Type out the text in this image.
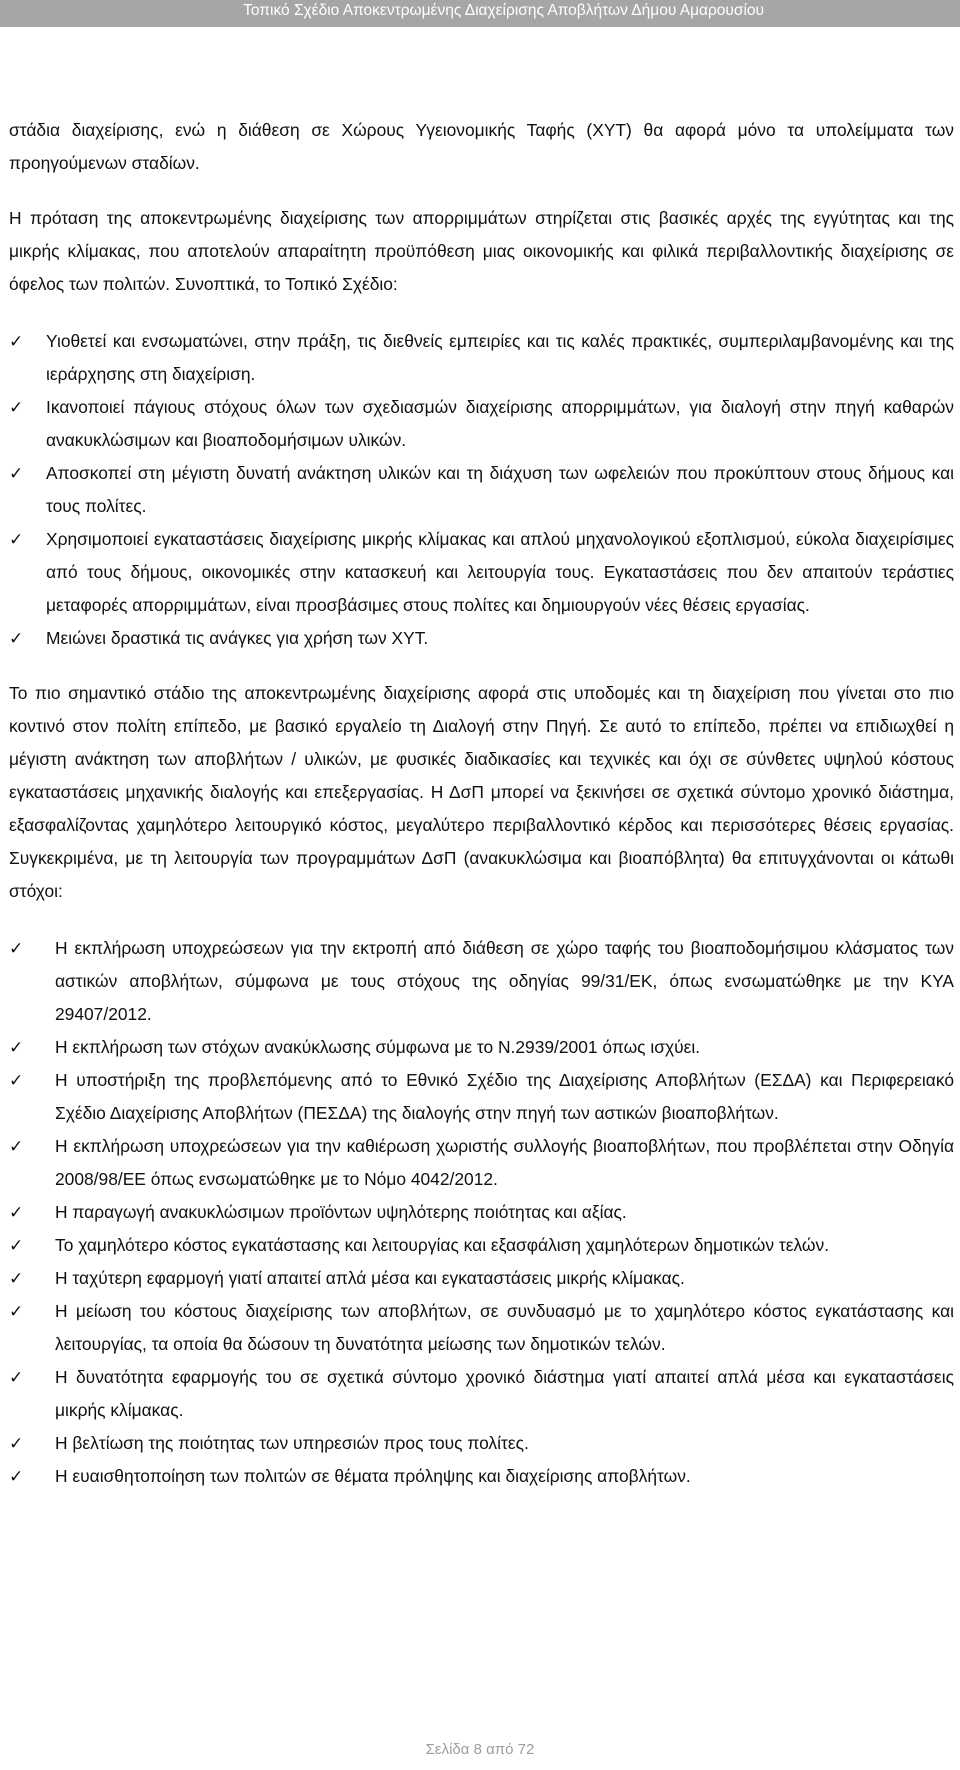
Τοπικό Σχέδιο Αποκεντρωμένης Διαχείρισης Αποβλήτων Δήμου Αμαρουσίου

στάδια διαχείρισης, ενώ η διάθεση σε Χώρους Υγειονομικής Ταφής (ΧΥΤ) θα αφορά μόνο τα υπολείμματα των προηγούμενων σταδίων.

Η πρόταση της αποκεντρωμένης διαχείρισης των απορριμμάτων στηρίζεται στις βασικές αρχές της εγγύτητας και της μικρής κλίμακας, που αποτελούν απαραίτητη προϋπόθεση μιας οικονομικής και φιλικά περιβαλλοντικής διαχείρισης σε όφελος των πολιτών. Συνοπτικά, το Τοπικό Σχέδιο:

✓ Υιοθετεί και ενσωματώνει, στην πράξη, τις διεθνείς εμπειρίες και τις καλές πρακτικές, συμπεριλαμβανομένης και της ιεράρχησης στη διαχείριση.

✓ Ικανοποιεί πάγιους στόχους όλων των σχεδιασμών διαχείρισης απορριμμάτων, για διαλογή στην πηγή καθαρών ανακυκλώσιμων και βιοαποδομήσιμων υλικών.

✓ Αποσκοπεί στη μέγιστη δυνατή ανάκτηση υλικών και τη διάχυση των ωφελειών που προκύπτουν στους δήμους και τους πολίτες.

✓ Χρησιμοποιεί εγκαταστάσεις διαχείρισης μικρής κλίμακας και απλού μηχανολογικού εξοπλισμού, εύκολα διαχειρίσιμες από τους δήμους, οικονομικές στην κατασκευή και λειτουργία τους. Εγκαταστάσεις που δεν απαιτούν τεράστιες μεταφορές απορριμμάτων, είναι προσβάσιμες στους πολίτες και δημιουργούν νέες θέσεις εργασίας.

✓ Μειώνει δραστικά τις ανάγκες για χρήση των ΧΥΤ.

Το πιο σημαντικό στάδιο της αποκεντρωμένης διαχείρισης αφορά στις υποδομές και τη διαχείριση που γίνεται στο πιο κοντινό στον πολίτη επίπεδο, με βασικό εργαλείο τη Διαλογή στην Πηγή. Σε αυτό το επίπεδο, πρέπει να επιδιωχθεί η μέγιστη ανάκτηση των αποβλήτων / υλικών, με φυσικές διαδικασίες και τεχνικές και όχι σε σύνθετες υψηλού κόστους εγκαταστάσεις μηχανικής διαλογής και επεξεργασίας. Η ΔσΠ μπορεί να ξεκινήσει σε σχετικά σύντομο χρονικό διάστημα, εξασφαλίζοντας χαμηλότερο λειτουργικό κόστος, μεγαλύτερο περιβαλλοντικό κέρδος και περισσότερες θέσεις εργασίας. Συγκεκριμένα, με τη λειτουργία των προγραμμάτων ΔσΠ (ανακυκλώσιμα και βιοαπόβλητα) θα επιτυγχάνονται οι κάτωθι στόχοι:

✓ Η εκπλήρωση υποχρεώσεων για την εκτροπή από διάθεση σε χώρο ταφής του βιοαποδομήσιμου κλάσματος των αστικών αποβλήτων, σύμφωνα με τους στόχους της οδηγίας 99/31/ΕΚ, όπως ενσωματώθηκε με την ΚΥΑ 29407/2012.

✓ Η εκπλήρωση των στόχων ανακύκλωσης σύμφωνα με το Ν.2939/2001 όπως ισχύει.

✓ Η υποστήριξη της προβλεπόμενης από το Εθνικό Σχέδιο της Διαχείρισης Αποβλήτων (ΕΣΔΑ) και Περιφερειακό Σχέδιο Διαχείρισης Αποβλήτων (ΠΕΣΔΑ) της διαλογής στην πηγή των αστικών βιοαποβλήτων.

✓ Η εκπλήρωση υποχρεώσεων για την καθιέρωση χωριστής συλλογής βιοαποβλήτων, που προβλέπεται στην Οδηγία 2008/98/ΕΕ όπως ενσωματώθηκε με το Νόμο 4042/2012.

✓ Η παραγωγή ανακυκλώσιμων προϊόντων υψηλότερης ποιότητας και αξίας.

✓ Το χαμηλότερο κόστος εγκατάστασης και λειτουργίας και εξασφάλιση χαμηλότερων δημοτικών τελών.

✓ Η ταχύτερη εφαρμογή γιατί απαιτεί απλά μέσα και εγκαταστάσεις μικρής κλίμακας.

✓ Η μείωση του κόστους διαχείρισης των αποβλήτων, σε συνδυασμό με το χαμηλότερο κόστος εγκατάστασης και λειτουργίας, τα οποία θα δώσουν τη δυνατότητα μείωσης των δημοτικών τελών.

✓ Η δυνατότητα εφαρμογής του σε σχετικά σύντομο χρονικό διάστημα γιατί απαιτεί απλά μέσα και εγκαταστάσεις μικρής κλίμακας.

✓ Η βελτίωση της ποιότητας των υπηρεσιών προς τους πολίτες.

✓ Η ευαισθητοποίηση των πολιτών σε θέματα πρόληψης και διαχείρισης αποβλήτων.

Σελίδα 8 από 72
